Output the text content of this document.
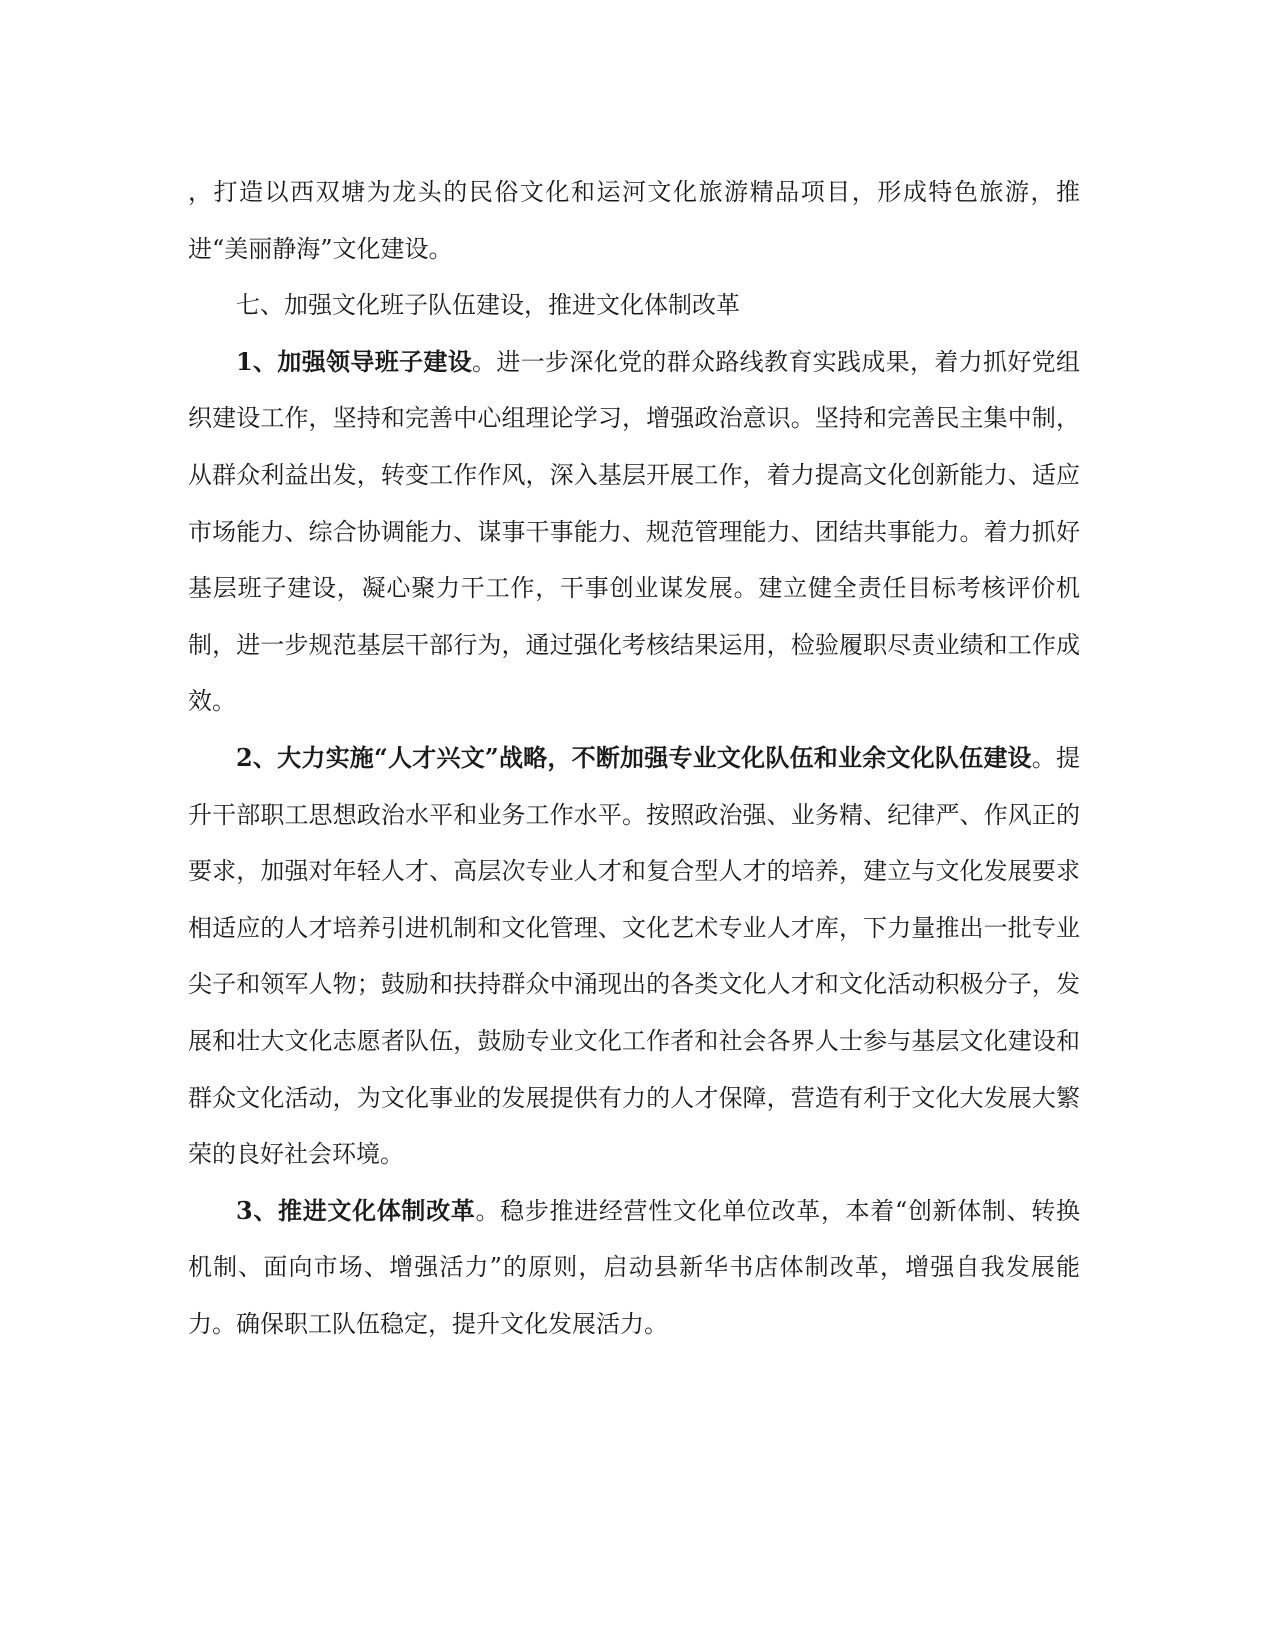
，打造以西双塘为龙头的民俗文化和运河文化旅游精品项目，形成特色旅游，推进“美丽静海”文化建设。

七、加强文化班子队伍建设，推进文化体制改革

1、加强领导班子建设。进一步深化党的群众路线教育实践成果，着力抓好党组织建设工作，坚持和完善中心组理论学习，增强政治意识。坚持和完善民主集中制，从群众利益出发，转变工作作风，深入基层开展工作，着力提高文化创新能力、适应市场能力、综合协调能力、谋事干事能力、规范管理能力、团结共事能力。着力抓好基层班子建设，凝心聚力干工作，干事创业谋发展。建立健全责任目标考核评价机制，进一步规范基层干部行为，通过强化考核结果运用，检验履职尽责业绩和工作成效。

2、大力实施“人才兴文”战略，不断加强专业文化队伍和业余文化队伍建设。提升干部职工思想政治水平和业务工作水平。按照政治强、业务精、纪律严、作风正的要求，加强对年轻人才、高层次专业人才和复合型人才的培养，建立与文化发展要求相适应的人才培养引进机制和文化管理、文化艺术专业人才库，下力量推出一批专业尖子和领军人物；鼓励和扶持群众中涌现出的各类文化人才和文化活动积极分子，发展和壮大文化志愿者队伍，鼓励专业文化工作者和社会各界人士参与基层文化建设和群众文化活动，为文化事业的发展提供有力的人才保障，营造有利于文化大发展大繁荣的良好社会环境。

3、推进文化体制改革。稳步推进经营性文化单位改革，本着“创新体制、转换机制、面向市场、增强活力”的原则，启动县新华书店体制改革，增强自我发展能力。确保职工队伍稳定，提升文化发展活力。
